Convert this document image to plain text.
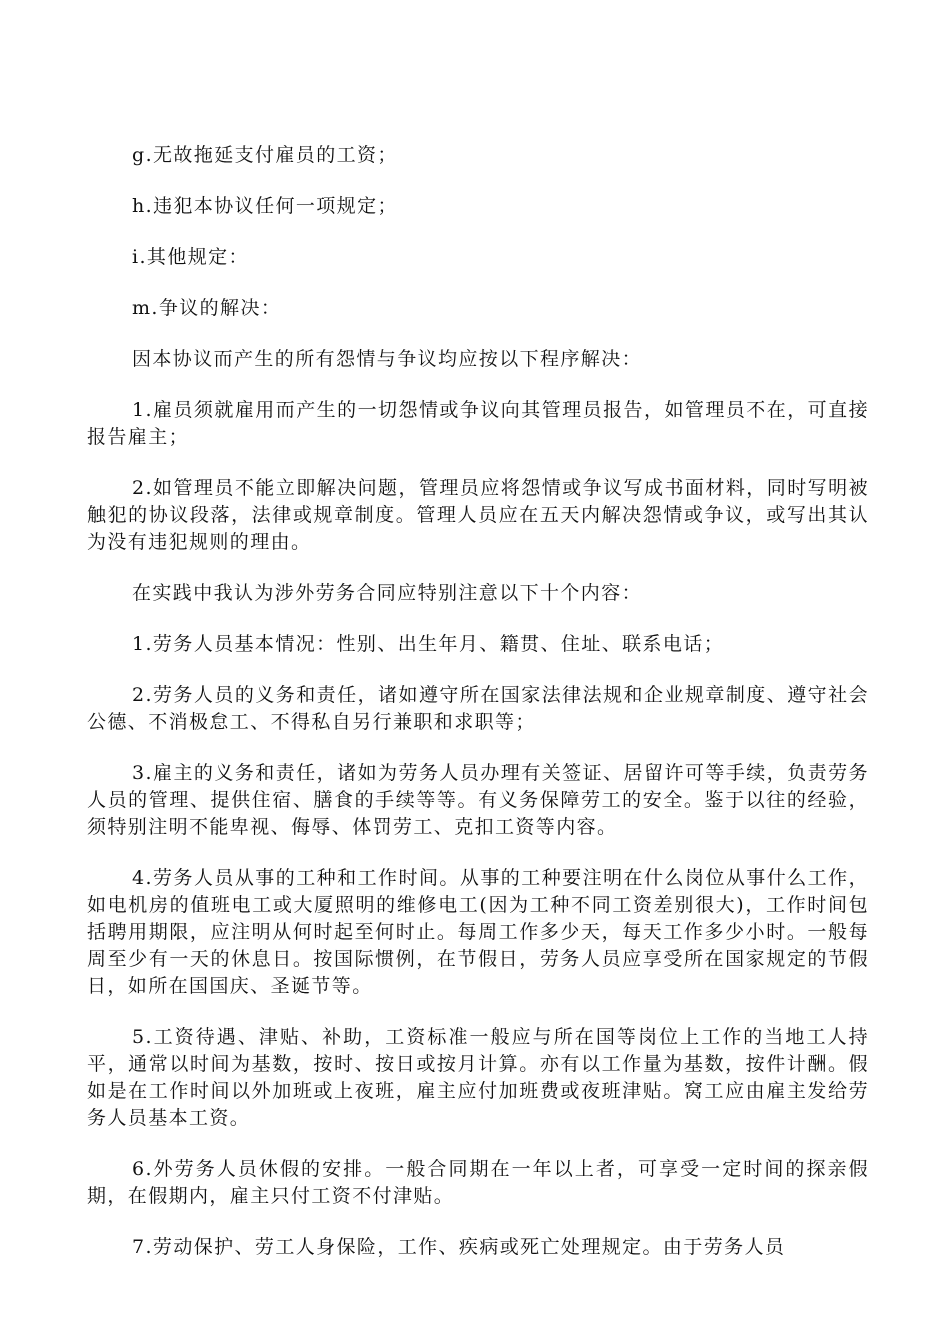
g.无故拖延支付雇员的工资；

h.违犯本协议任何一项规定；

i.其他规定：

m.争议的解决：

因本协议而产生的所有怨情与争议均应按以下程序解决：

1.雇员须就雇用而产生的一切怨情或争议向其管理员报告，如管理员不在，可直接报告雇主；

2.如管理员不能立即解决问题，管理员应将怨情或争议写成书面材料，同时写明被触犯的协议段落，法律或规章制度。管理人员应在五天内解决怨情或争议，或写出其认为没有违犯规则的理由。

在实践中我认为涉外劳务合同应特别注意以下十个内容：

1.劳务人员基本情况：性别、出生年月、籍贯、住址、联系电话；

2.劳务人员的义务和责任，诸如遵守所在国家法律法规和企业规章制度、遵守社会公德、不消极怠工、不得私自另行兼职和求职等；

3.雇主的义务和责任，诸如为劳务人员办理有关签证、居留许可等手续，负责劳务人员的管理、提供住宿、膳食的手续等等。有义务保障劳工的安全。鉴于以往的经验，须特别注明不能卑视、侮辱、体罚劳工、克扣工资等内容。

4.劳务人员从事的工种和工作时间。从事的工种要注明在什么岗位从事什么工作，如电机房的值班电工或大厦照明的维修电工(因为工种不同工资差别很大)，工作时间包括聘用期限，应注明从何时起至何时止。每周工作多少天，每天工作多少小时。一般每周至少有一天的休息日。按国际惯例，在节假日，劳务人员应享受所在国家规定的节假日，如所在国国庆、圣诞节等。

5.工资待遇、津贴、补助，工资标准一般应与所在国等岗位上工作的当地工人持平，通常以时间为基数，按时、按日或按月计算。亦有以工作量为基数，按件计酬。假如是在工作时间以外加班或上夜班，雇主应付加班费或夜班津贴。窝工应由雇主发给劳务人员基本工资。

6.外劳务人员休假的安排。一般合同期在一年以上者，可享受一定时间的探亲假期，在假期内，雇主只付工资不付津贴。

7.劳动保护、劳工人身保险，工作、疾病或死亡处理规定。由于劳务人员
